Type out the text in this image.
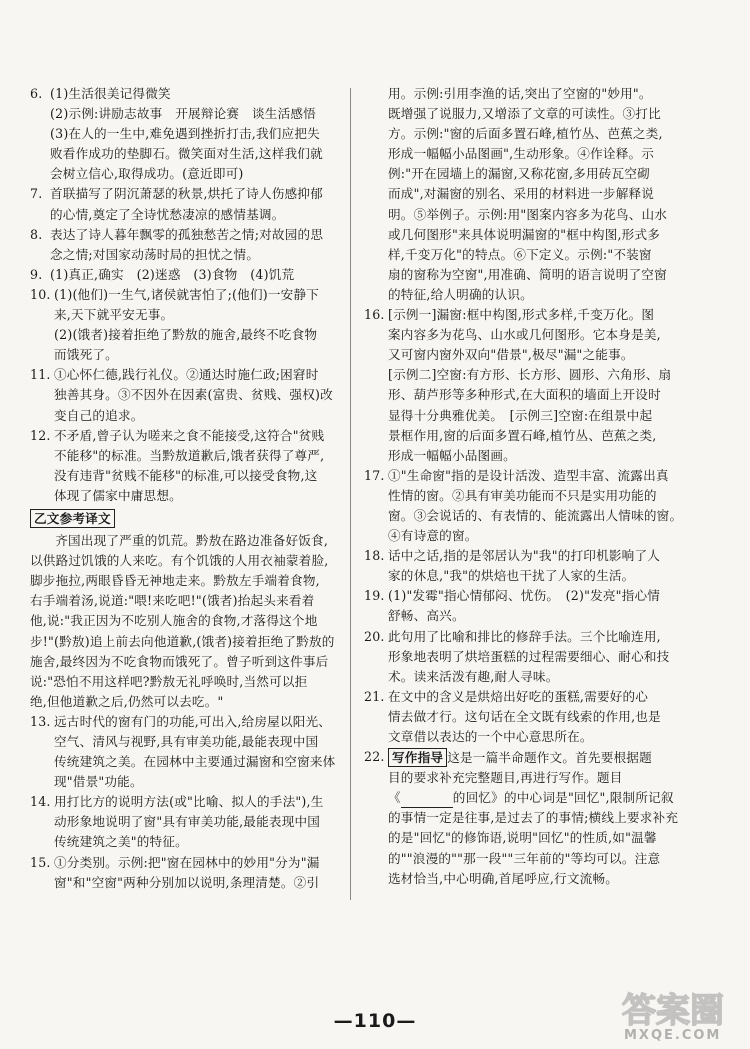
6. (1)生活很美记得微笑
(2)示例:讲励志故事　开展辩论赛　谈生活感悟
(3)在人的一生中,难免遇到挫折打击,我们应把失
败看作成功的垫脚石。微笑面对生活,这样我们就
会树立信心,取得成功。(意近即可)
7. 首联描写了阴沉萧瑟的秋景,烘托了诗人伤感抑郁
的心情,奠定了全诗忧愁凄凉的感情基调。
8. 表达了诗人暮年飘零的孤独愁苦之情;对故园的思
念之情;对国家动荡时局的担忧之情。
9. (1)真正,确实　(2)迷惑　(3)食物　(4)饥荒
10. (1)(他们)一生气,诸侯就害怕了;(他们)一安静下
来,天下就平安无事。
(2)(饿者)接着拒绝了黔敖的施舍,最终不吃食物
而饿死了。
11. ①心怀仁德,践行礼仪。②通达时施仁政;困窘时
独善其身。③不因外在因素(富贵、贫贱、强权)改
变自己的追求。
12. 不矛盾,曾子认为嗟来之食不能接受,这符合"贫贱
不能移"的标准。当黔敖道歉后,饿者获得了尊严,
没有违背"贫贱不能移"的标准,可以接受食物,这
体现了儒家中庸思想。
乙文参考译文

齐国出现了严重的饥荒。黔敖在路边准备好饭食,

以供路过饥饿的人来吃。有个饥饿的人用衣袖蒙着脸,

脚步拖拉,两眼昏昏无神地走来。黔敖左手端着食物,

右手端着汤,说道:"喂!来吃吧!"(饿者)抬起头来看着

他,说:"我正因为不吃别人施舍的食物,才落得这个地

步!"(黔敖)追上前去向他道歉,(饿者)接着拒绝了黔敖的

施舍,最终因为不吃食物而饿死了。曾子听到这件事后

说:"恐怕不用这样吧?黔敖无礼呼唤时,当然可以拒

绝,但他道歉之后,仍然可以去吃。"

13. 远古时代的窗有门的功能,可出入,给房屋以阳光、
空气、清风与视野,具有审美功能,最能表现中国
传统建筑之美。在园林中主要通过漏窗和空窗来体
现"借景"功能。
14. 用打比方的说明方法(或"比喻、拟人的手法"),生
动形象地说明了窗"具有审美功能,最能表现中国
传统建筑之美"的特征。
15. ①分类别。示例:把"窗在园林中的妙用"分为"漏
窗"和"空窗"两种分别加以说明,条理清楚。②引
用。示例:引用李渔的话,突出了空窗的"妙用"。
既增强了说服力,又增添了文章的可读性。③打比
方。示例:"窗的后面多置石峰,植竹丛、芭蕉之类,
形成一幅幅小品图画",生动形象。④作诠释。示
例:"开在园墙上的漏窗,又称花窗,多用砖瓦空砌
而成",对漏窗的别名、采用的材料进一步解释说
明。⑤举例子。示例:用"图案内容多为花鸟、山水
或几何图形"来具体说明漏窗的"框中构图,形式多
样,千变万化"的特点。⑥下定义。示例:"不装窗
扇的窗称为空窗",用准确、简明的语言说明了空窗
的特征,给人明确的认识。
16. [示例一]漏窗:框中构图,形式多样,千变万化。图
案内容多为花鸟、山水或几何图形。它本身是美,
又可窗内窗外双向"借景",极尽"漏"之能事。
[示例二]空窗:有方形、长方形、圆形、六角形、扇
形、葫芦形等多种形式,在大面积的墙面上开设时
显得十分典雅优美。　[示例三]空窗:在组景中起
景框作用,窗的后面多置石峰,植竹丛、芭蕉之类,
形成一幅幅小品图画。
17. ①"生命窗"指的是设计活泼、造型丰富、流露出真
性情的窗。②具有审美功能而不只是实用功能的
窗。③会说话的、有表情的、能流露出人情味的窗。
④有诗意的窗。
18. 话中之话,指的是邻居认为"我"的打印机影响了人
家的休息,"我"的烘焙也干扰了人家的生活。
19. (1)"发霉"指心情郁闷、忧伤。　(2)"发亮"指心情
舒畅、高兴。
20. 此句用了比喻和排比的修辞手法。三个比喻连用,
形象地表明了烘培蛋糕的过程需要细心、耐心和技
术。读来活泼有趣,耐人寻味。
21. 在文中的含义是烘焙出好吃的蛋糕,需要好的心
情去做才行。这句话在全文既有线索的作用,也是
文章借以表达的一个中心意思所在。
22. 写作指导 这是一篇半命题作文。首先要根据题
目的要求补充完整题目,再进行写作。题目
《	的回忆》的中心词是"回忆",限制所记叙
的事情一定是往事,是过去了的事情;横线上要求补充
的是"回忆"的修饰语,说明"回忆"的性质,如"温馨
的""浪漫的""那一段""三年前的"等均可以。注意
选材恰当,中心明确,首尾呼应,行文流畅。
—110—	答案圈
MXQE.COM
